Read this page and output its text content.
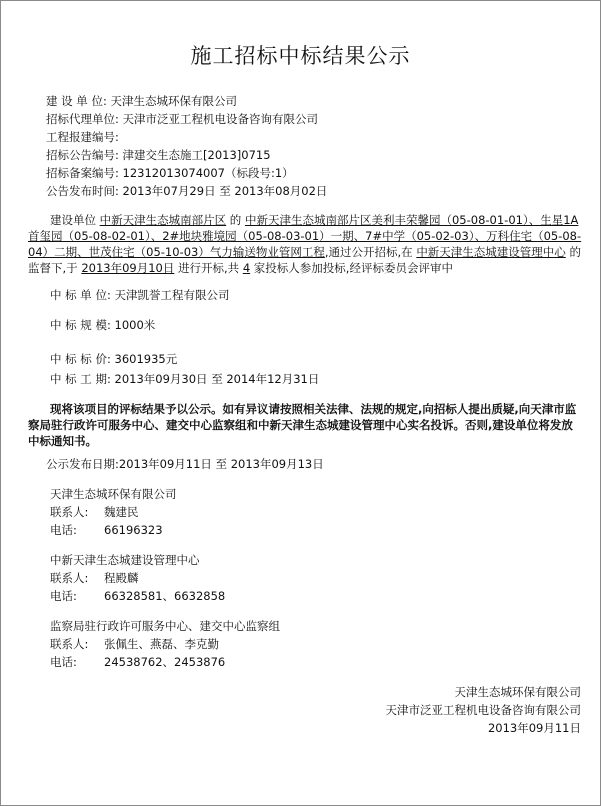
施工招标中标结果公示
建 设 单 位: 天津生态城环保有限公司
招标代理单位: 天津市泛亚工程机电设备咨询有限公司
工程报建编号:
招标公告编号: 津建交生态施工[2013]0715
招标备案编号: 12312013074007（标段号:1）
公告发布时间: 2013年07月29日 至 2013年08月02日
建设单位 中新天津生态城南部片区 的 中新天津生态城南部片区美利丰荣馨园（05-08-01-01）、生星1A首玺园（05-08-02-01）、2#地块雅境园（05-08-03-01）一期、7#中学（05-02-03）、万科住宅（05-08-04）二期、世茂住宅（05-10-03）气力输送物业管网工程,通过公开招标,在 中新天津生态城建设管理中心 的监督下,于 2013年09月10日 进行开标,共 4 家投标人参加投标,经评标委员会评审中
中 标 单 位: 天津凯誉工程有限公司
中 标 规 模: 1000米
中 标 标 价: 3601935元
中 标 工 期: 2013年09月30日 至 2014年12月31日
现将该项目的评标结果予以公示。如有异议请按照相关法律、法规的规定,向招标人提出质疑,向天津市监察局驻行政许可服务中心、建交中心监察组和中新天津生态城建设管理中心实名投诉。否则,建设单位将发放中标通知书。
公示发布日期:2013年09月11日 至 2013年09月13日
天津生态城环保有限公司
联系人: 魏建民
电话: 66196323
中新天津生态城建设管理中心
联系人: 程殿麟
电话: 66328581、6632858
监察局驻行政许可服务中心、建交中心监察组
联系人: 张佩生、燕磊、李克勤
电话: 24538762、2453876
天津生态城环保有限公司
天津市泛亚工程机电设备咨询有限公司
2013年09月11日
